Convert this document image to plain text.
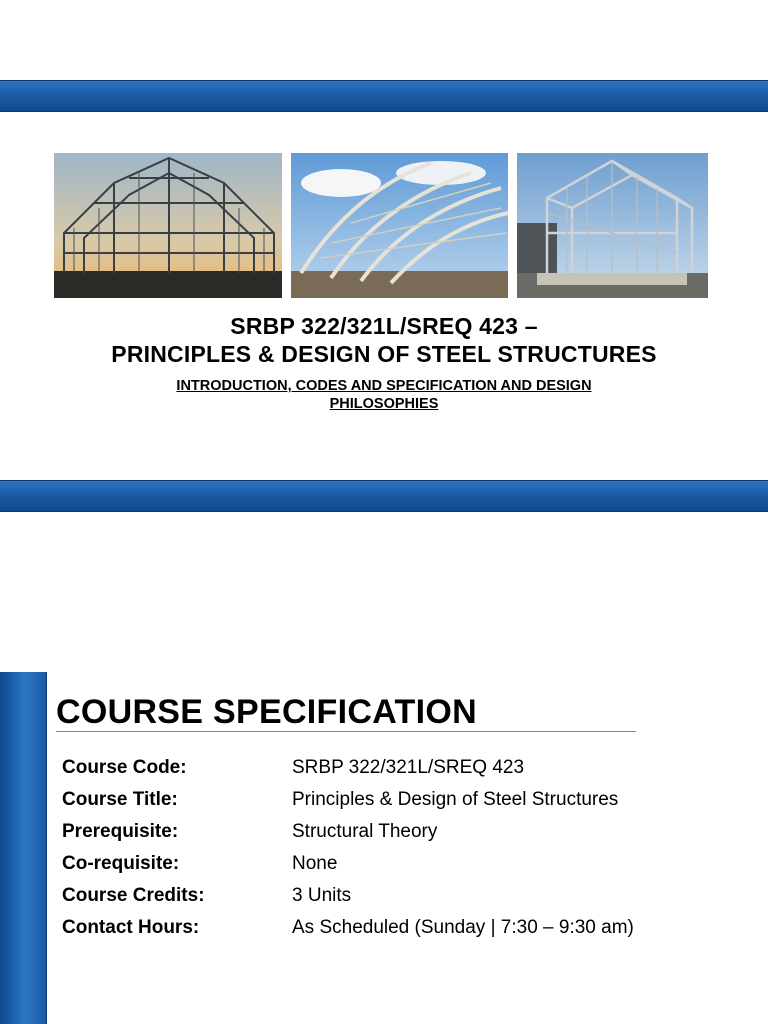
SRBP 322/321L/SREQ 423 –
PRINCIPLES & DESIGN OF STEEL STRUCTURES
INTRODUCTION, CODES AND SPECIFICATION AND DESIGN
PHILOSOPHIES
COURSE SPECIFICATION
Course Code:	SRBP 322/321L/SREQ 423
Course Title:	Principles & Design of Steel Structures
Prerequisite:	Structural Theory
Co-requisite:	None
Course Credits:	3 Units
Contact Hours:	As Scheduled (Sunday | 7:30 – 9:30 am)
